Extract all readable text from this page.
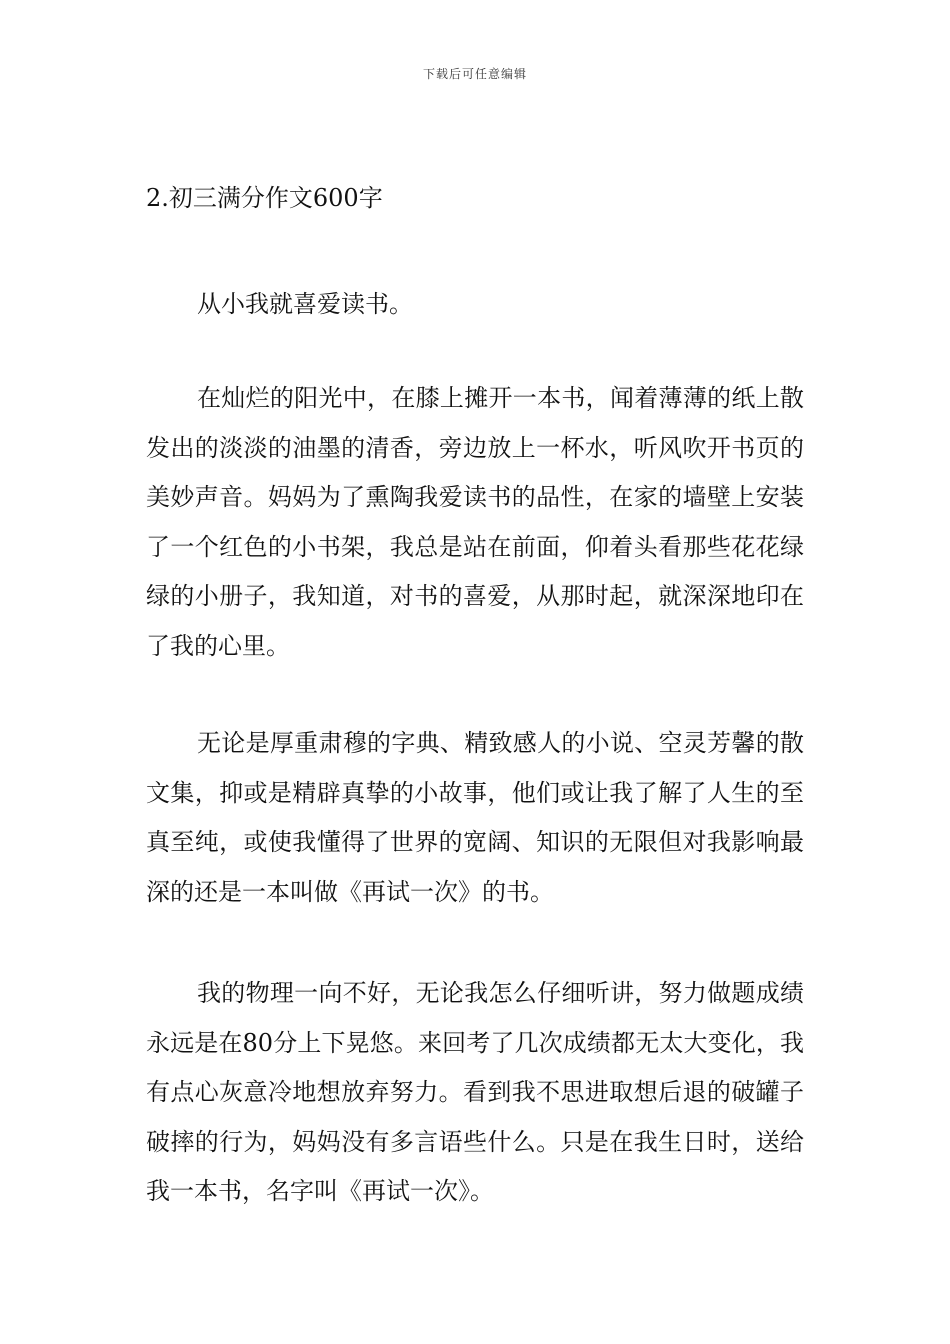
下载后可任意编辑
2.初三满分作文600字

从小我就喜爱读书。

在灿烂的阳光中，在膝上摊开一本书，闻着薄薄的纸上散发出的淡淡的油墨的清香，旁边放上一杯水，听风吹开书页的美妙声音。妈妈为了熏陶我爱读书的品性，在家的墙壁上安装了一个红色的小书架，我总是站在前面，仰着头看那些花花绿绿的小册子，我知道，对书的喜爱，从那时起，就深深地印在了我的心里。

无论是厚重肃穆的字典、精致感人的小说、空灵芳馨的散文集，抑或是精辟真挚的小故事，他们或让我了解了人生的至真至纯，或使我懂得了世界的宽阔、知识的无限但对我影响最深的还是一本叫做《再试一次》的书。

我的物理一向不好，无论我怎么仔细听讲，努力做题成绩永远是在80分上下晃悠。来回考了几次成绩都无太大变化，我有点心灰意冷地想放弃努力。看到我不思进取想后退的破罐子破摔的行为，妈妈没有多言语些什么。只是在我生日时，送给我一本书，名字叫《再试一次》。
